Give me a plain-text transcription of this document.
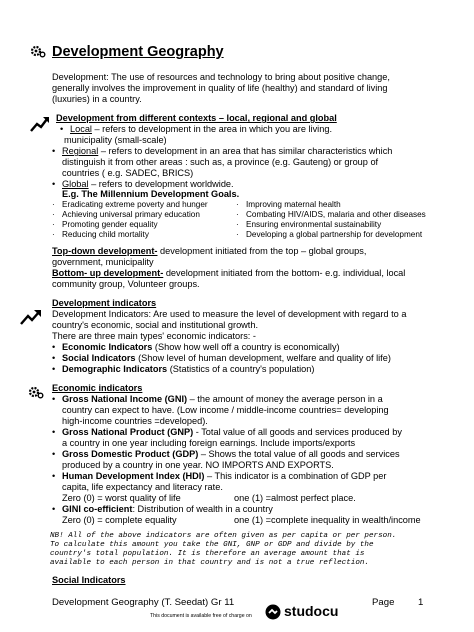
Development Geography
Development: The use of resources and technology to bring about positive change,
generally involves the improvement in quality of life (healthy) and standard of living
(luxuries) in a country.
Development from different contexts – local, regional and global
• Local – refers to development in the area in which you are living.
municipality (small-scale)
• Regional – refers to development in an area that has similar characteristics which
distinguish it from other areas : such as, a province (e.g. Gauteng) or group of
countries ( e.g. SADEC, BRICS)
• Global – refers to development worldwide.
E.g. The Millennium Development Goals.
· Eradicating extreme poverty and hunger
· Achieving universal primary education
· Promoting gender equality
· Reducing child mortality
· Improving maternal health
· Combating HIV/AIDS, malaria and other diseases
· Ensuring environmental sustainability
· Developing a global partnership for development
Top-down development- development initiated from the top – global groups,
government, municipality
Bottom- up development- development initiated from the bottom- e.g. individual, local
community group, Volunteer groups.
Development indicators
Development Indicators: Are used to measure the level of development with regard to a
country's economic, social and institutional growth.
There are three main types' economic indicators: -
• Economic Indicators (Show how well off a country is economically)
• Social Indicators (Show level of human development, welfare and quality of life)
• Demographic Indicators (Statistics of a country's population)
Economic indicators
• Gross National Income (GNI) – the amount of money the average person in a
country can expect to have. (Low income / middle-income countries= developing
high-income countries =developed).
• Gross National Product (GNP) - Total value of all goods and services produced by
a country in one year including foreign earnings. Include imports/exports
• Gross Domestic Product (GDP) – Shows the total value of all goods and services
produced by a country in one year. NO IMPORTS AND EXPORTS.
• Human Development Index (HDI) – This indicator is a combination of GDP per
capita, life expectancy and literacy rate.
Zero (0) = worst quality of life	one (1) =almost perfect place.
• GINI co-efficient: Distribution of wealth in a country
Zero (0) = complete equality	one (1) =complete inequality in wealth/income
NB! All of the above indicators are often given as per capita or per person.
To calculate this amount you take the GNI, GNP or GDP and divide by the
country's total population. It is therefore an average amount that is
available to each person in that country and is not a true reflection.
Social Indicators
Development Geography (T. Seedat) Gr 11	Page 1
This document is available free of charge on studocu
